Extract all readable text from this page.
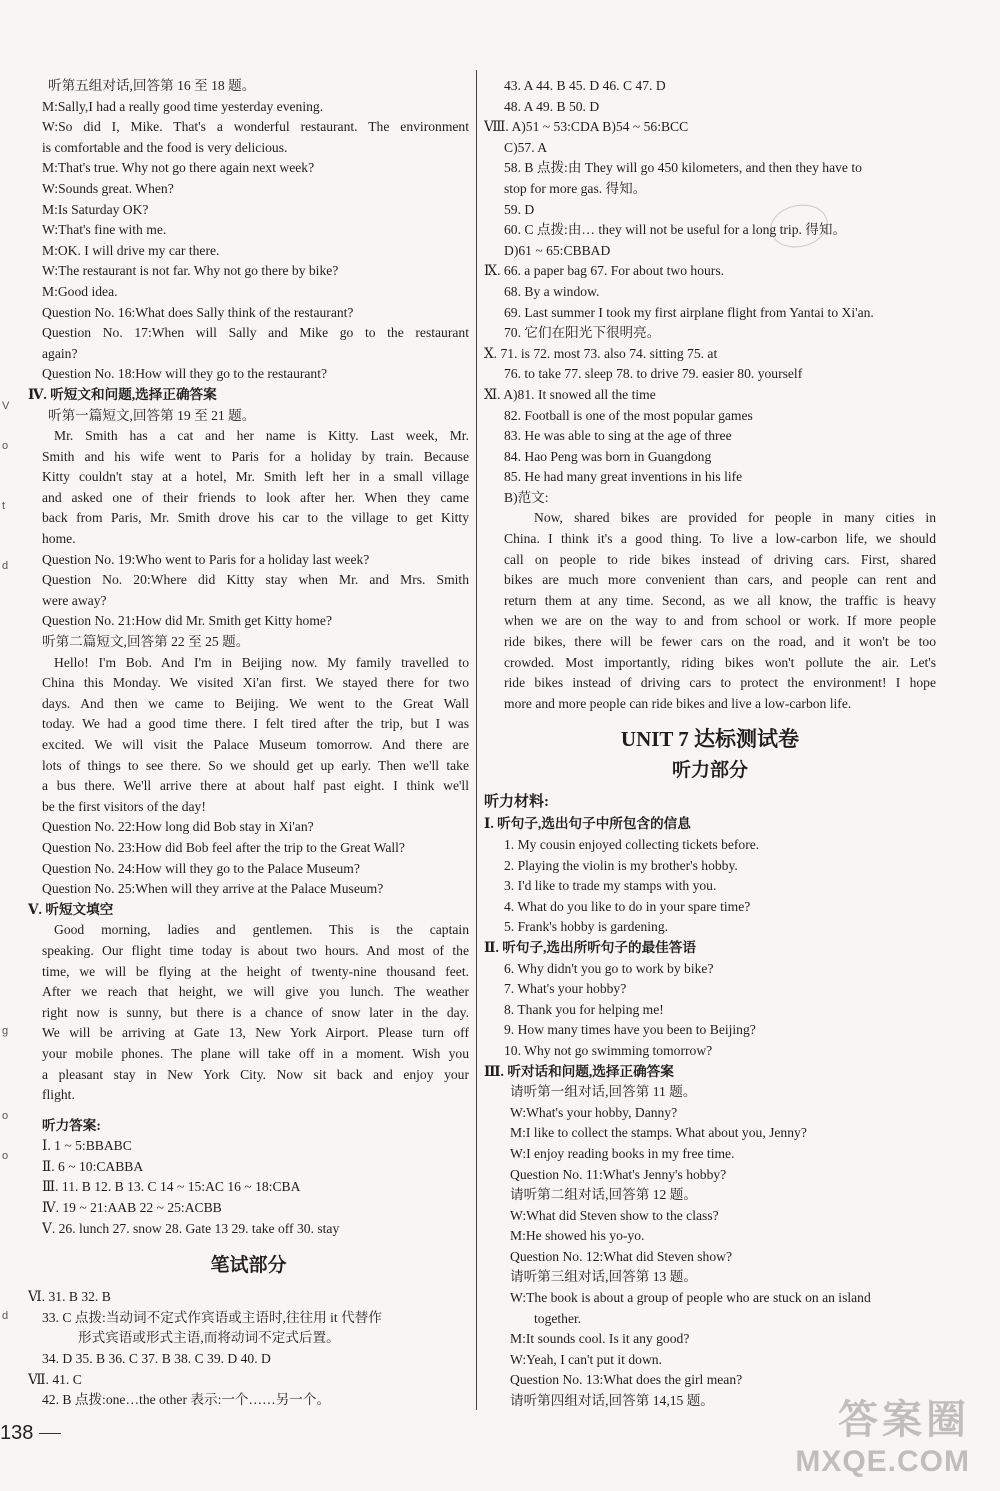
听第五组对话,回答第 16 至 18 题。

M:Sally,I had a really good time yesterday evening.

W:So did I, Mike. That's a wonderful restaurant. The environment

is comfortable and the food is very delicious.

M:That's true. Why not go there again next week?

W:Sounds great. When?

M:Is Saturday OK?

W:That's fine with me.

M:OK. I will drive my car there.

W:The restaurant is not far. Why not go there by bike?

M:Good idea.

Question No. 16:What does Sally think of the restaurant?

Question No. 17:When will Sally and Mike go to the restaurant

again?

Question No. 18:How will they go to the restaurant?

Ⅳ. 听短文和问题,选择正确答案

听第一篇短文,回答第 19 至 21 题。

Mr. Smith has a cat and her name is Kitty. Last week, Mr.

Smith and his wife went to Paris for a holiday by train. Because

Kitty couldn't stay at a hotel, Mr. Smith left her in a small village

and asked one of their friends to look after her. When they came

back from Paris, Mr. Smith drove his car to the village to get Kitty

home.

Question No. 19:Who went to Paris for a holiday last week?

Question No. 20:Where did Kitty stay when Mr. and Mrs. Smith

were away?

Question No. 21:How did Mr. Smith get Kitty home?

听第二篇短文,回答第 22 至 25 题。

Hello! I'm Bob. And I'm in Beijing now. My family travelled to

China this Monday. We visited Xi'an first. We stayed there for two

days. And then we came to Beijing. We went to the Great Wall

today. We had a good time there. I felt tired after the trip, but I was

excited. We will visit the Palace Museum tomorrow. And there are

lots of things to see there. So we should get up early. Then we'll take

a bus there. We'll arrive there at about half past eight. I think we'll

be the first visitors of the day!

Question No. 22:How long did Bob stay in Xi'an?

Question No. 23:How did Bob feel after the trip to the Great Wall?

Question No. 24:How will they go to the Palace Museum?

Question No. 25:When will they arrive at the Palace Museum?

Ⅴ. 听短文填空

Good morning, ladies and gentlemen. This is the captain

speaking. Our flight time today is about two hours. And most of the

time, we will be flying at the height of twenty-nine thousand feet.

After we reach that height, we will give you lunch. The weather

right now is sunny, but there is a chance of snow later in the day.

We will be arriving at Gate 13, New York Airport. Please turn off

your mobile phones. The plane will take off in a moment. Wish you

a pleasant stay in New York City. Now sit back and enjoy your

flight.

听力答案:

Ⅰ. 1 ~ 5:BBABC

Ⅱ. 6 ~ 10:CABBA

Ⅲ. 11. B 12. B 13. C 14 ~ 15:AC 16 ~ 18:CBA

Ⅳ. 19 ~ 21:AAB 22 ~ 25:ACBB

Ⅴ. 26. lunch 27. snow 28. Gate 13 29. take off 30. stay

笔试部分

Ⅵ. 31. B 32. B

33. C 点拨:当动词不定式作宾语或主语时,往往用 it 代替作

形式宾语或形式主语,而将动词不定式后置。

34. D 35. B 36. C 37. B 38. C 39. D 40. D

Ⅶ. 41. C

42. B 点拨:one…the other 表示:一个……另一个。

43. A 44. B 45. D 46. C 47. D

48. A 49. B 50. D

Ⅷ. A)51 ~ 53:CDA B)54 ~ 56:BCC

C)57. A

58. B 点拨:由 They will go 450 kilometers, and then they have to

stop for more gas. 得知。

59. D

60. C 点拨:由… they will not be useful for a long trip. 得知。

D)61 ~ 65:CBBAD

Ⅸ. 66. a paper bag 67. For about two hours.

68. By a window.

69. Last summer I took my first airplane flight from Yantai to Xi'an.

70. 它们在阳光下很明亮。

Ⅹ. 71. is 72. most 73. also 74. sitting 75. at

76. to take 77. sleep 78. to drive 79. easier 80. yourself

Ⅺ. A)81. It snowed all the time

82. Football is one of the most popular games

83. He was able to sing at the age of three

84. Hao Peng was born in Guangdong

85. He had many great inventions in his life

B)范文:

Now, shared bikes are provided for people in many cities in

China. I think it's a good thing. To live a low-carbon life, we should

call on people to ride bikes instead of driving cars. First, shared

bikes are much more convenient than cars, and people can rent and

return them at any time. Second, as we all know, the traffic is heavy

when we are on the way to and from school or work. If more people

ride bikes, there will be fewer cars on the road, and it won't be too

crowded. Most importantly, riding bikes won't pollute the air. Let's

ride bikes instead of driving cars to protect the environment! I hope

more and more people can ride bikes and live a low-carbon life.

UNIT 7 达标测试卷

听力部分

听力材料:

Ⅰ. 听句子,选出句子中所包含的信息

1. My cousin enjoyed collecting tickets before.

2. Playing the violin is my brother's hobby.

3. I'd like to trade my stamps with you.

4. What do you like to do in your spare time?

5. Frank's hobby is gardening.

Ⅱ. 听句子,选出所听句子的最佳答语

6. Why didn't you go to work by bike?

7. What's your hobby?

8. Thank you for helping me!

9. How many times have you been to Beijing?

10. Why not go swimming tomorrow?

Ⅲ. 听对话和问题,选择正确答案

请听第一组对话,回答第 11 题。

W:What's your hobby, Danny?

M:I like to collect the stamps. What about you, Jenny?

W:I enjoy reading books in my free time.

Question No. 11:What's Jenny's hobby?

请听第二组对话,回答第 12 题。

W:What did Steven show to the class?

M:He showed his yo-yo.

Question No. 12:What did Steven show?

请听第三组对话,回答第 13 题。

W:The book is about a group of people who are stuck on an island

together.

M:It sounds cool. Is it any good?

W:Yeah, I can't put it down.

Question No. 13:What does the girl mean?

请听第四组对话,回答第 14,15 题。

V
o
t
d
g
o
o
d
138	答案圈
MXQE.COM
